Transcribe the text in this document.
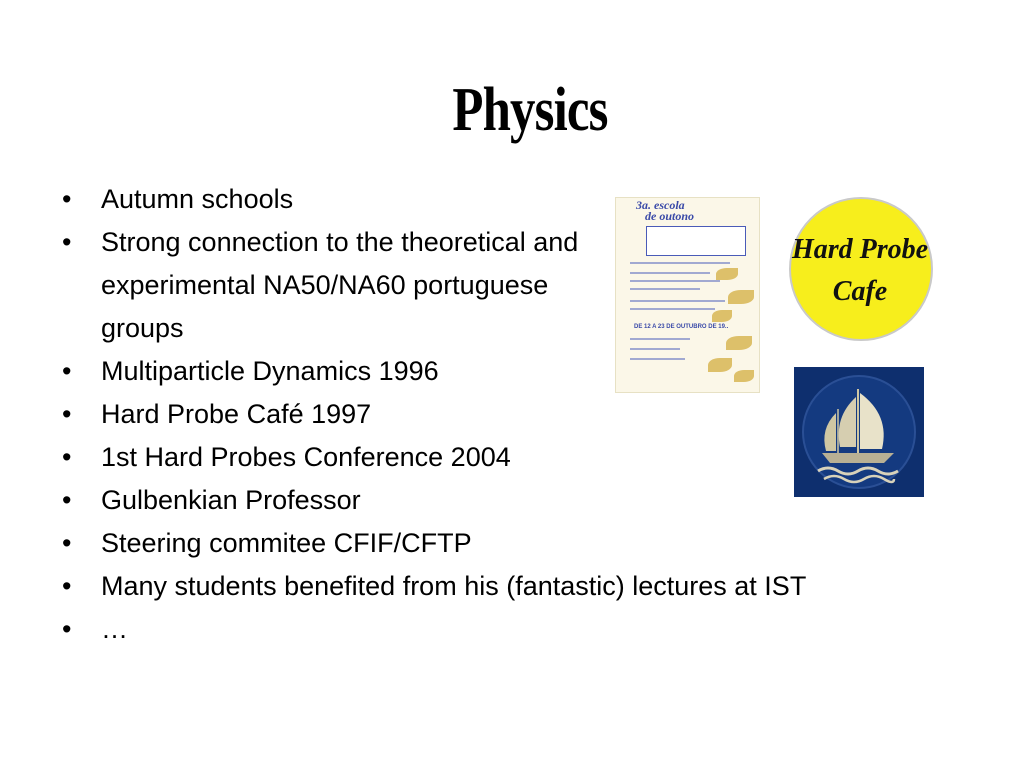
Physics
• Autumn schools
• Strong connection to the theoretical and experimental NA50/NA60 portuguese groups
• Multiparticle Dynamics 1996
• Hard Probe Café 1997
• 1st Hard Probes Conference 2004
• Gulbenkian Professor
• Steering commitee CFIF/CFTP
• Many students benefited from his (fantastic) lectures at IST
• …
3a. escola
de outono
DE 12 A 23 DE OUTUBRO DE 19..
Hard Probe
Cafe
